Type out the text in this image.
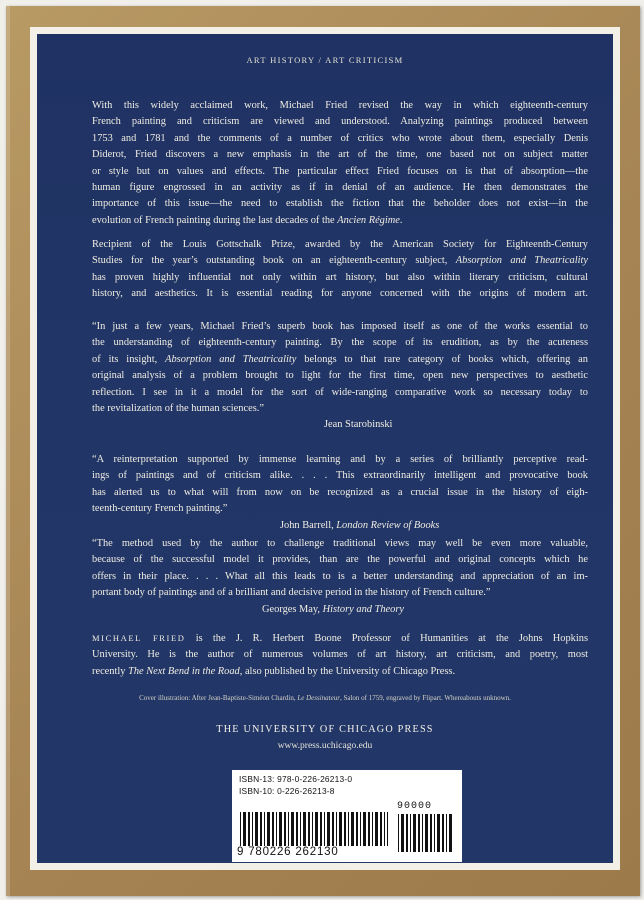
ART HISTORY / ART CRITICISM
With this widely acclaimed work, Michael Fried revised the way in which eighteenth-century
French painting and criticism are viewed and understood. Analyzing paintings produced between
1753 and 1781 and the comments of a number of critics who wrote about them, especially Denis
Diderot, Fried discovers a new emphasis in the art of the time, one based not on subject matter
or style but on values and effects. The particular effect Fried focuses on is that of absorption—the
human figure engrossed in an activity as if in denial of an audience. He then demonstrates the
importance of this issue—the need to establish the fiction that the beholder does not exist—in the
evolution of French painting during the last decades of the Ancien Régime.
Recipient of the Louis Gottschalk Prize, awarded by the American Society for Eighteenth-Century
Studies for the year’s outstanding book on an eighteenth-century subject, Absorption and Theatricality
has proven highly influential not only within art history, but also within literary criticism, cultural
history, and aesthetics. It is essential reading for anyone concerned with the origins of modern art.
“In just a few years, Michael Fried’s superb book has imposed itself as one of the works essential to
the understanding of eighteenth-century painting. By the scope of its erudition, as by the acuteness
of its insight, Absorption and Theatricality belongs to that rare category of books which, offering an
original analysis of a problem brought to light for the first time, open new perspectives to aesthetic
reflection. I see in it a model for the sort of wide-ranging comparative work so necessary today to
the revitalization of the human sciences.”
Jean Starobinski
“A reinterpretation supported by immense learning and by a series of brilliantly perceptive read-
ings of paintings and of criticism alike. . . . This extraordinarily intelligent and provocative book
has alerted us to what will from now on be recognized as a crucial issue in the history of eigh-
teenth-century French painting.”
John Barrell, London Review of Books
“The method used by the author to challenge traditional views may well be even more valuable,
because of the successful model it provides, than are the powerful and original concepts which he
offers in their place. . . . What all this leads to is a better understanding and appreciation of an im-
portant body of paintings and of a brilliant and decisive period in the history of French culture.”
Georges May, History and Theory
MICHAEL FRIED is the J. R. Herbert Boone Professor of Humanities at the Johns Hopkins
University. He is the author of numerous volumes of art history, art criticism, and poetry, most
recently The Next Bend in the Road, also published by the University of Chicago Press.
Cover illustration: After Jean-Baptiste-Siméon Chardin, Le Dessinateur, Salon of 1759, engraved by Flipart. Whereabouts unknown.
THE UNIVERSITY OF CHICAGO PRESS
www.press.uchicago.edu
ISBN-13: 978-0-226-26213-0
ISBN-10: 0-226-26213-8
90000
9 780226 262130
